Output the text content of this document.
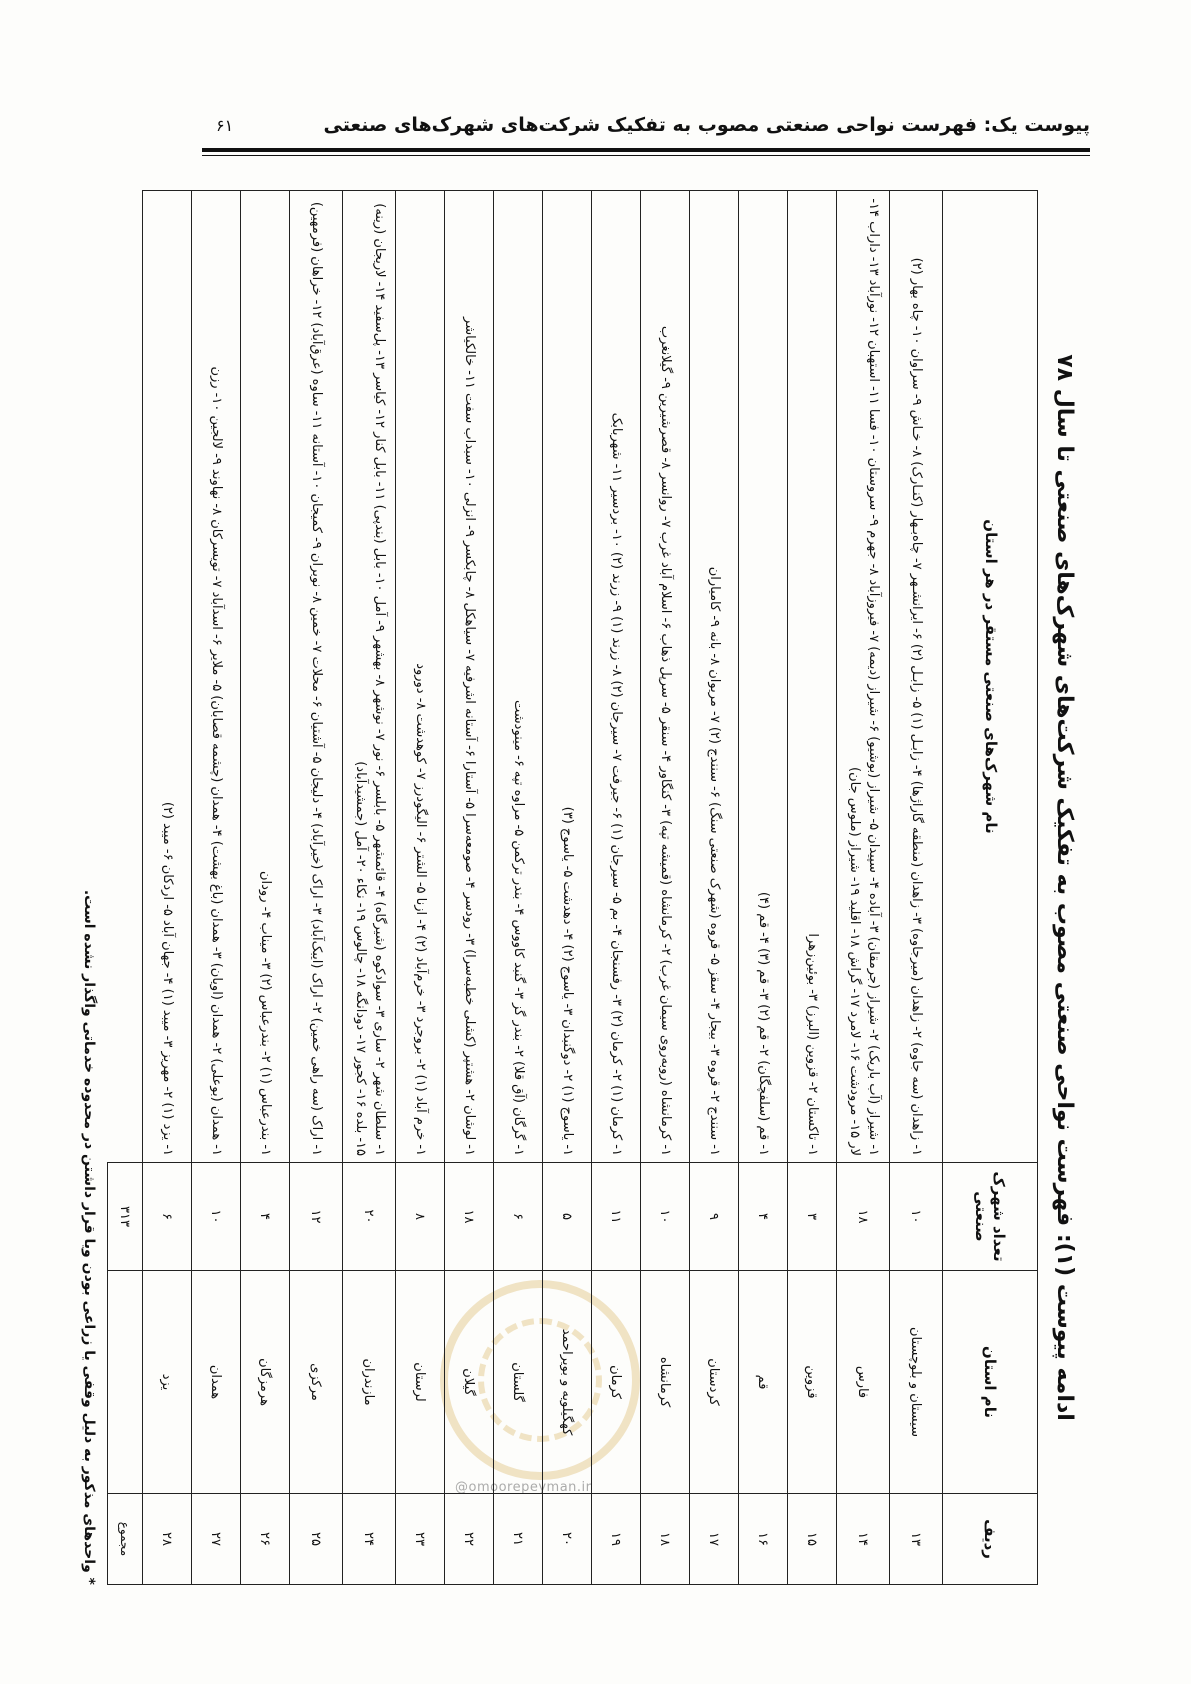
پیوست یک: فهرست نواحی صنعتی مصوب به تفکیک شرکت‌های شهرک‌های صنعتی
۶۱
@omoorepeyman.ir
ادامه پیوست (۱): فهرست نواحی صنعتی مصوب به تفکیک شرکت‌های شهرک‌های صنعتی تا سال ۷۸
ردیف	نام استان	تعداد شهرک صنعتی	نام شهرک‌های صنعتی مستقر در هر استان
۱۳	سیستان و بلوچستان	۱۰	۱- زاهدان (سه جاوه) ۲- زاهدان (میرجاوه) ۳- زاهدان (منطقه گاراژها) ۴- زابـل (۱) ۵- زابـل (۲) ۶- ایرانشـهر ۷- چاه‌بـهار (کنـارک) ۸- خـاش ۹- سراوان ۱۰- چاه بهار (۲)
۱۴	فارس	۱۸	۱- شیراز (آب باریک) ۲- شیراز (جرمقان) ۳- آباده ۴- سپیدان ۵- شیراز (بوشیو) ۶- شیراز (دیمه) ۷- فیروزآباد ۸- جهرم ۹- سروستان ۱۰- فسا ۱۱- استهبان ۱۲- نورآباد ۱۳- داراب ۱۴- لار ۱۵- مرودشت ۱۶- لامرد ۱۷- گراش ۱۸- اقلید ۱۹- شیراز (ملوس جان)
۱۵	قزوین	۳	۱- تاکستان ۲- قزوین (البرز) ۳- بوئین‌زهرا
۱۶	قم	۴	۱- قم (سلفچگان) ۲- قم (۲) ۳- قم (۳) ۴- قم (۴)
۱۷	کردستان	۹	۱- سنندج ۲- قروه ۳- بیجار ۴- سقز ۵- قروه (شهرک صنعتی سنگ) ۶- سنندج (۲) ۷- مریوان ۸- بانه ۹- کامیاران
۱۸	کرمانشاه	۱۰	۱- کرمانشاه (روبه‌روی سیمان غرب) ۲- کرمانشاه (قمیشه تپه) ۳- کنگاور ۴- سنقر ۵- سرپل ذهاب ۶- اسلام آباد غرب ۷- روانسر ۸- قصرشیرین ۹- گیلانغرب
۱۹	کرمان	۱۱	۱- کرمان (۱) ۲- کرمان (۲) ۳- رفسنجان ۴- بم ۵- سیرجان (۱) ۶- جیرفت ۷- سیرجان (۲) ۸- زرند (۱) ۹- زرند (۲) ۱۰- بردسیر ۱۱- شهربابک
۲۰	کهگیلویه و بویراحمد	۵	۱- یاسوج (۱) ۲- دوگنبدان ۳- یاسوج (۲) ۴- دهدشت ۵- یاسوج (۳)
۲۱	گلستان	۶	۱- گرگان (آق قلا) ۲- بندر گز ۳- گنبد کاووس ۴- بندر ترکمن ۵- مراوه تپه ۶- مینودشت
۲۲	گیلان	۱۸	۱- لوشان ۲- هشتپر (کشلی خطبه‌سرا) ۳- رودسر ۴- صومعه‌سرا ۵- آستارا ۶- آستانه اشرفیه ۷- سیاهکل ۸- چابکسر ۹- انزلی ۱۰- سبداب سفت ۱۱- خالکیاشر
۲۳	لرستان	۸	۱- خرم آباد (۱) ۲- بروجرد ۳- خرم‌آباد (۲) ۴- ازنا ۵- الشتر ۶- الیگودرز ۷- کوهدشت ۸- دورود
۲۴	مازندران	۲۰	۱- سلطان شهر ۲- ساری ۳- سوادکوه (شیرگاه) ۴- قائمشهر ۵- بابلسر ۶- نور ۷- نوشهر ۸- بهشهر ۹- آمل ۱۰- بابل (بندپی) ۱۱- بابل کنار ۱۲- کیاسر ۱۳- پل‌سفید ۱۴- لاریجان (رینه) ۱۵- بلده ۱۶- کجور ۱۷- دودانگه ۱۸- چالوس ۱۹- نکاء ۲۰- آمل (جمشیدآباد)
۲۵	مرکزی	۱۲	۱- اراک (سه راهی خمین) ۲- اراک (ایبک‌آباد) ۳- اراک (خیرآباد) ۴- دلیجان ۵- آشتیان ۶- محلات ۷- خمین ۸- نوبران ۹- کمیجان ۱۰- آستانه ۱۱- ساوه (عرق‌آباد) ۱۲- خراهان (فرمهین)
۲۶	هرمزگان	۴	۱- بندرعباس (۱) ۲- بندرعباس (۲) ۳- میناب ۴- رودان
۲۷	همدان	۱۰	۱- همدان (بوعلی) ۲- همدان (اویان) ۳- همدان (باغ بهشت) ۴- همدان (چشمه قصابان) ۵- ملایر ۶- اسدآباد ۷- تویسرکان ۸- نهاوند ۹- لالجین ۱۰- رزن
۲۸	یزد	۶	۱- یزد (۱) ۲- مهریز ۳- میبد (۱) ۴- جهان آباد ۵- اردکان ۶- میبد (۲)
مجموع		۳۱۳	
* واحدهای مذکور به دلیل وقفی یا زراعی بودن ویا قرار داشتن در محدوده خدماتی واگذار نشده است.
